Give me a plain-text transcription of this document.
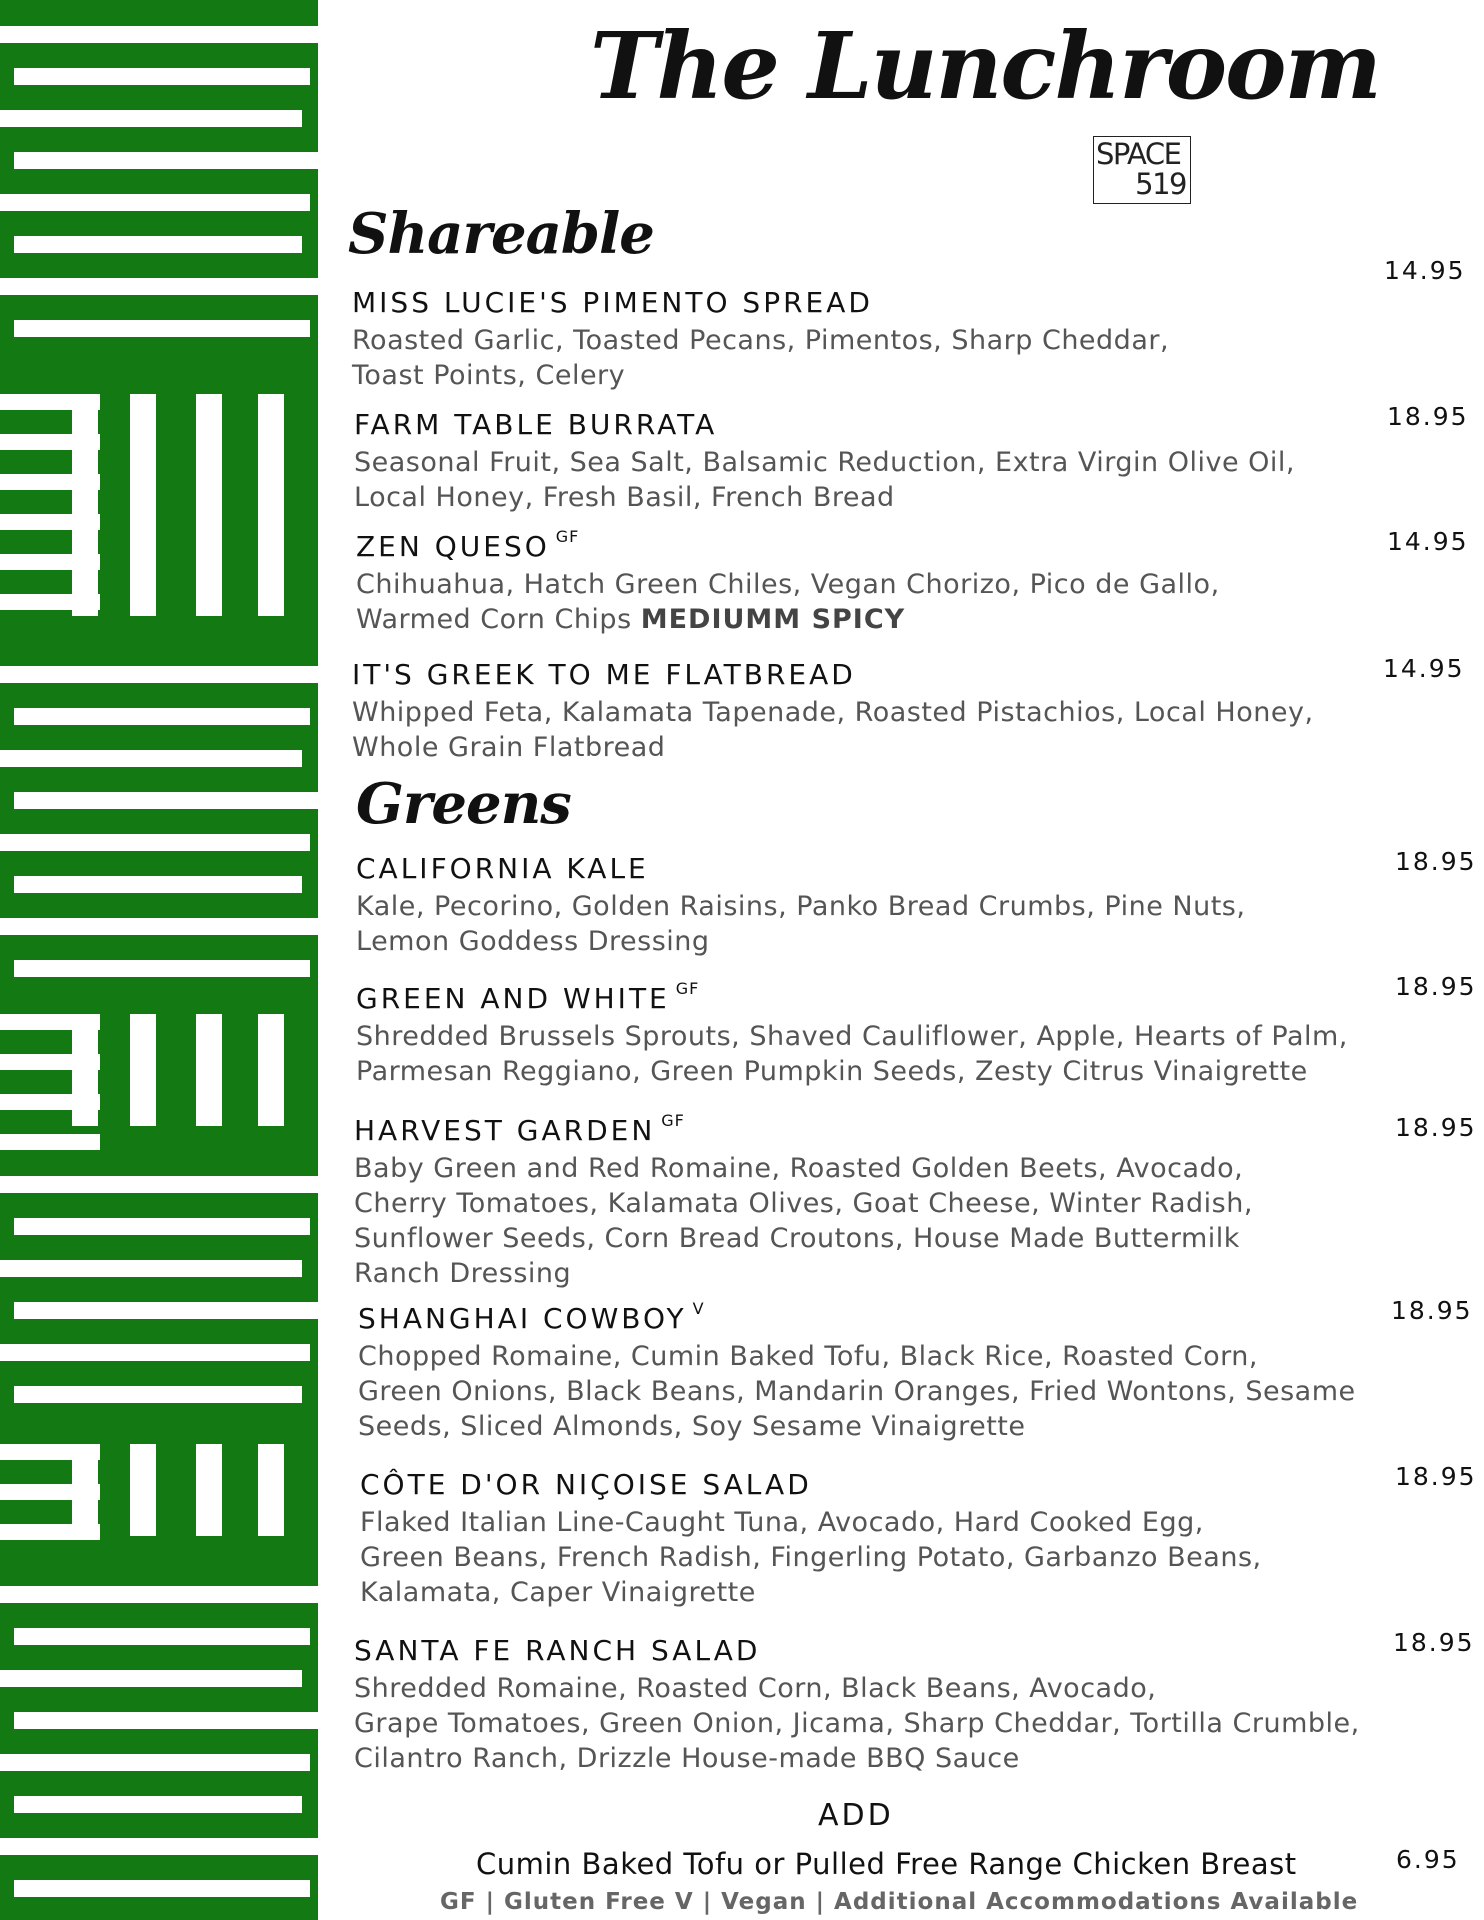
The Lunchroom
SPACE
519
Shareable
Greens
MISS LUCIE'S PIMENTO SPREAD
Roasted Garlic, Toasted Pecans, Pimentos, Sharp Cheddar,
Toast Points, Celery
14.95
FARM TABLE BURRATA
Seasonal Fruit, Sea Salt, Balsamic Reduction, Extra Virgin Olive Oil,
Local Honey, Fresh Basil, French Bread
18.95
ZEN QUESO $^{GF}$
Chihuahua, Hatch Green Chiles, Vegan Chorizo, Pico de Gallo,
Warmed Corn Chips MEDIUMM SPICY
14.95
IT'S GREEK TO ME FLATBREAD
Whipped Feta, Kalamata Tapenade, Roasted Pistachios, Local Honey,
Whole Grain Flatbread
14.95
CALIFORNIA KALE
Kale, Pecorino, Golden Raisins, Panko Bread Crumbs, Pine Nuts,
Lemon Goddess Dressing
18.95
GREEN AND WHITE $^{GF}$
Shredded Brussels Sprouts, Shaved Cauliflower, Apple, Hearts of Palm,
Parmesan Reggiano, Green Pumpkin Seeds, Zesty Citrus Vinaigrette
18.95
HARVEST GARDEN $^{GF}$
Baby Green and Red Romaine, Roasted Golden Beets, Avocado,
Cherry Tomatoes, Kalamata Olives, Goat Cheese, Winter Radish,
Sunflower Seeds, Corn Bread Croutons, House Made Buttermilk
Ranch Dressing
18.95
SHANGHAI COWBOY $^V$
Chopped Romaine, Cumin Baked Tofu, Black Rice, Roasted Corn,
Green Onions, Black Beans, Mandarin Oranges, Fried Wontons, Sesame
Seeds, Sliced Almonds, Soy Sesame Vinaigrette
18.95
CÔTE D'OR NIÇOISE SALAD
Flaked Italian Line-Caught Tuna, Avocado, Hard Cooked Egg,
Green Beans, French Radish, Fingerling Potato, Garbanzo Beans,
Kalamata, Caper Vinaigrette
18.95
SANTA FE RANCH SALAD
Shredded Romaine, Roasted Corn, Black Beans, Avocado,
Grape Tomatoes, Green Onion, Jicama, Sharp Cheddar, Tortilla Crumble,
Cilantro Ranch, Drizzle House-made BBQ Sauce
18.95
ADD
Cumin Baked Tofu or Pulled Free Range Chicken Breast	6.95
GF | Gluten Free V | Vegan | Additional Accommodations Available
